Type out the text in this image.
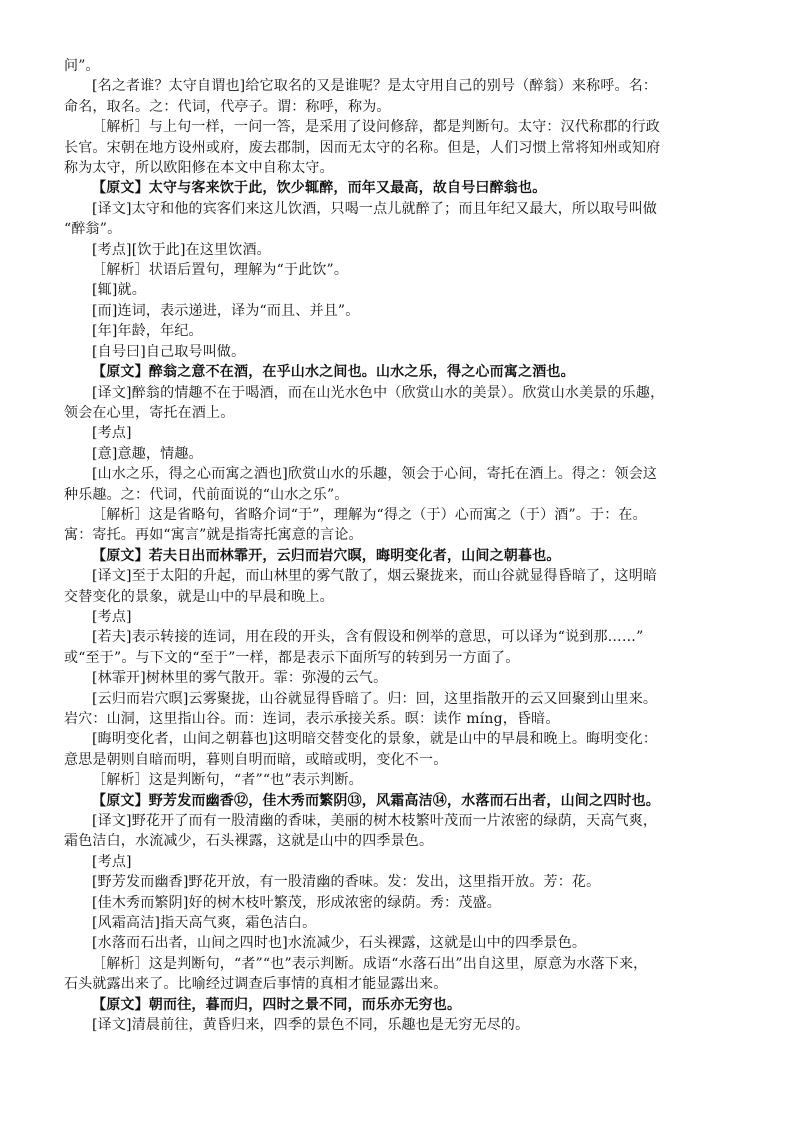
问”。
[名之者谁？太守自谓也]给它取名的又是谁呢？是太守用自己的别号（醉翁）来称呼。名：
命名，取名。之：代词，代亭子。谓：称呼，称为。
［解析］与上句一样，一问一答，是采用了设问修辞，都是判断句。太守：汉代称郡的行政
长官。宋朝在地方设州或府，废去郡制，因而无太守的名称。但是，人们习惯上常将知州或知府
称为太守，所以欧阳修在本文中自称太守。
【原文】太守与客来饮于此，饮少辄醉，而年又最高，故自号曰醉翁也。
[译文]太守和他的宾客们来这儿饮酒，只喝一点儿就醉了；而且年纪又最大，所以取号叫做
“醉翁”。
[考点][饮于此]在这里饮酒。
［解析］状语后置句，理解为“于此饮”。
[辄]就。
[而]连词，表示递进，译为“而且、并且”。
[年]年龄，年纪。
[自号曰]自己取号叫做。
【原文】醉翁之意不在酒，在乎山水之间也。山水之乐，得之心而寓之酒也。
[译文]醉翁的情趣不在于喝酒，而在山光水色中（欣赏山水的美景）。欣赏山水美景的乐趣，
领会在心里，寄托在酒上。
[考点]
[意]意趣，情趣。
[山水之乐，得之心而寓之酒也]欣赏山水的乐趣，领会于心间，寄托在酒上。得之：领会这
种乐趣。之：代词，代前面说的“山水之乐”。
［解析］这是省略句，省略介词“于”，理解为“得之（于）心而寓之（于）酒”。于：在。
寓：寄托。再如“寓言”就是指寄托寓意的言论。
【原文】若夫日出而林霏开，云归而岩穴暝，晦明变化者，山间之朝暮也。
[译文]至于太阳的升起，而山林里的雾气散了，烟云聚拢来，而山谷就显得昏暗了，这明暗
交替变化的景象，就是山中的早晨和晚上。
[考点]
[若夫]表示转接的连词，用在段的开头，含有假设和例举的意思，可以译为“说到那……”
或“至于”。与下文的“至于”一样，都是表示下面所写的转到另一方面了。
[林霏开]树林里的雾气散开。霏：弥漫的云气。
[云归而岩穴暝]云雾聚拢，山谷就显得昏暗了。归：回，这里指散开的云又回聚到山里来。
岩穴：山洞，这里指山谷。而：连词，表示承接关系。暝：读作 míng，昏暗。
[晦明变化者，山间之朝暮也]这明暗交替变化的景象，就是山中的早晨和晚上。晦明变化：
意思是朝则自暗而明，暮则自明而暗，或暗或明，变化不一。
［解析］这是判断句，“者”“也”表示判断。
【原文】野芳发而幽香⑫，佳木秀而繁阴⑬，风霜高洁⑭，水落而石出者，山间之四时也。
[译文]野花开了而有一股清幽的香味，美丽的树木枝繁叶茂而一片浓密的绿荫，天高气爽，
霜色洁白，水流减少，石头裸露，这就是山中的四季景色。
[考点]
[野芳发而幽香]野花开放，有一股清幽的香味。发：发出，这里指开放。芳：花。
[佳木秀而繁阴]好的树木枝叶繁茂，形成浓密的绿荫。秀：茂盛。
[风霜高洁]指天高气爽，霜色洁白。
[水落而石出者，山间之四时也]水流减少，石头裸露，这就是山中的四季景色。
［解析］这是判断句，“者”“也”表示判断。成语“水落石出”出自这里，原意为水落下来，
石头就露出来了。比喻经过调查后事情的真相才能显露出来。
【原文】朝而往，暮而归，四时之景不同，而乐亦无穷也。
[译文]清晨前往，黄昏归来，四季的景色不同，乐趣也是无穷无尽的。
